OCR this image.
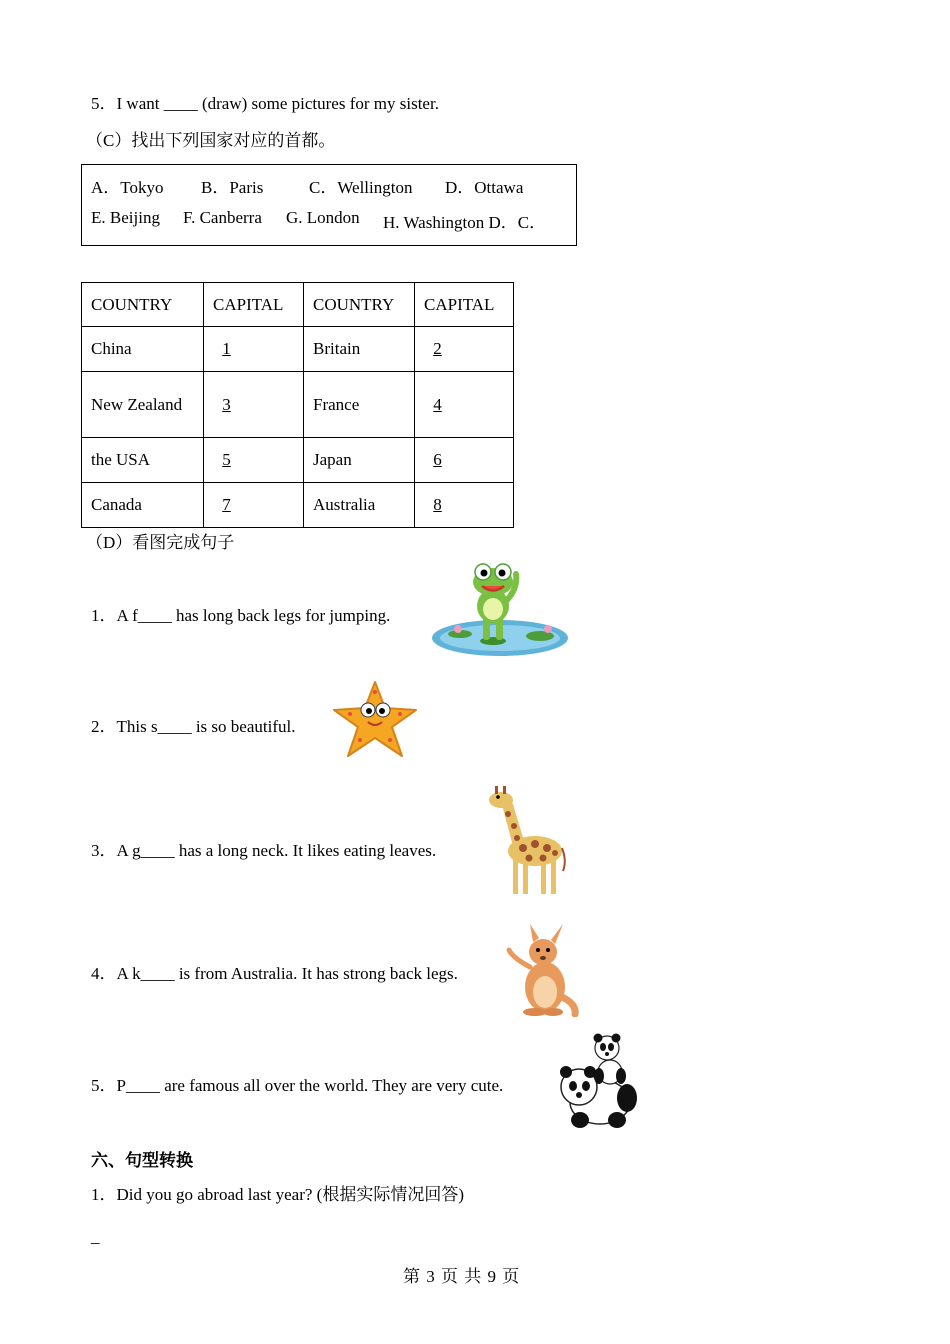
5．I want ____ (draw) some pictures for my sister.
（C）找出下列国家对应的首都。
A．Tokyo B．Paris	C．Wellington D．Ottawa
E. Beijing F. Canberra G. London H. Washington D．C．
COUNTRY	CAPITAL	COUNTRY	CAPITAL
China	1	Britain	2
New Zealand	3	France	4
the USA	5	Japan	6
Canada	7	Australia	8
（D）看图完成句子
1．A f____ has long back legs for jumping.
2．This s____ is so beautiful.
3．A g____ has a long neck. It likes eating leaves.
4．A k____ is from Australia. It has strong back legs.
5．P____ are famous all over the world. They are very cute.
六、句型转换
1．Did you go abroad last year? (根据实际情况回答)
_
第 3 页 共 9 页
